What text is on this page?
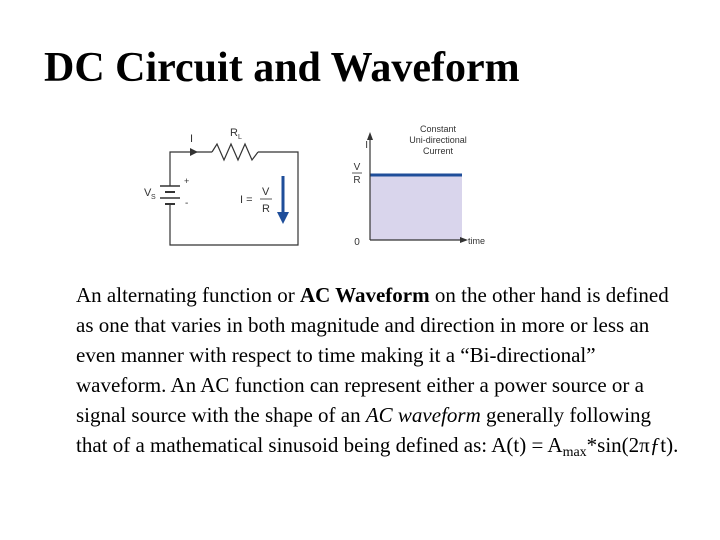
DC Circuit and Waveform
I	R L
V S
+
-	I =
V
R
I
V
R
0	time
Constant
Uni-directional
Current

An alternating function or AC Waveform on the other hand is defined as one that varies in both magnitude and direction in more or less an even manner with respect to time making it a “Bi-directional” waveform. An AC function can represent either a power source or a signal source with the shape of an AC waveform generally following that of a mathematical sinusoid being defined as: $A(t) = A_{max}*\sin(2\pi ƒt)$.
